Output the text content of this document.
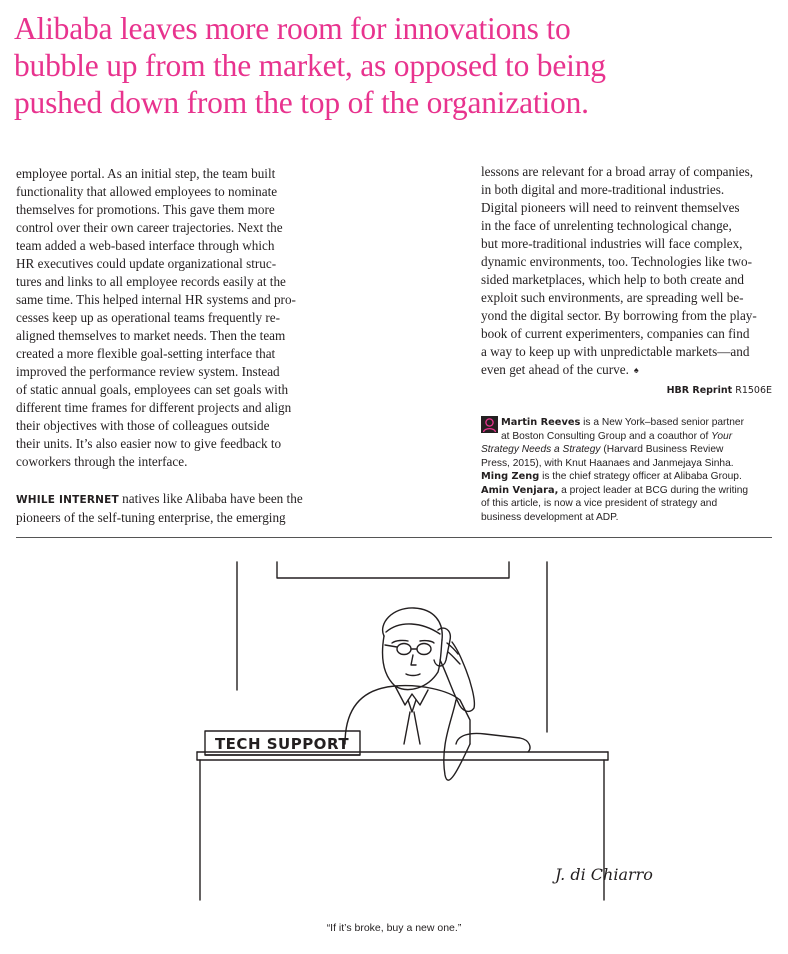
Alibaba leaves more room for innovations to
bubble up from the market, as opposed to being
pushed down from the top of the organization.
employee portal. As an initial step, the team built
functionality that allowed employees to nominate
themselves for promotions. This gave them more
control over their own career trajectories. Next the
team added a web-based interface through which
HR executives could update organizational struc-
tures and links to all employee records easily at the
same time. This helped internal HR systems and pro-
cesses keep up as operational teams frequently re-
aligned themselves to market needs. Then the team
created a more flexible goal-setting interface that
improved the performance review system. Instead
of static annual goals, employees can set goals with
different time frames for different projects and align
their objectives with those of colleagues outside
their units. It’s also easier now to give feedback to
coworkers through the interface.
WHILE INTERNET natives like Alibaba have been the
pioneers of the self-tuning enterprise, the emerging
lessons are relevant for a broad array of companies,
in both digital and more-traditional industries.
Digital pioneers will need to reinvent themselves
in the face of unrelenting technological change,
but more-traditional industries will face complex,
dynamic environments, too. Technologies like two-
sided marketplaces, which help to both create and
exploit such environments, are spreading well be-
yond the digital sector. By borrowing from the play-
book of current experimenters, companies can find
a way to keep up with unpredictable markets—and
even get ahead of the curve. ♠
HBR Reprint R1506E
Martin Reeves is a New York–based senior partner
at Boston Consulting Group and a coauthor of Your
Strategy Needs a Strategy (Harvard Business Review
Press, 2015), with Knut Haanaes and Janmejaya Sinha.
Ming Zeng is the chief strategy officer at Alibaba Group.
Amin Venjara, a project leader at BCG during the writing
of this article, is now a vice president of strategy and
business development at ADP.
TECH SUPPORT
J. di Chiarro
“If it’s broke, buy a new one.”
